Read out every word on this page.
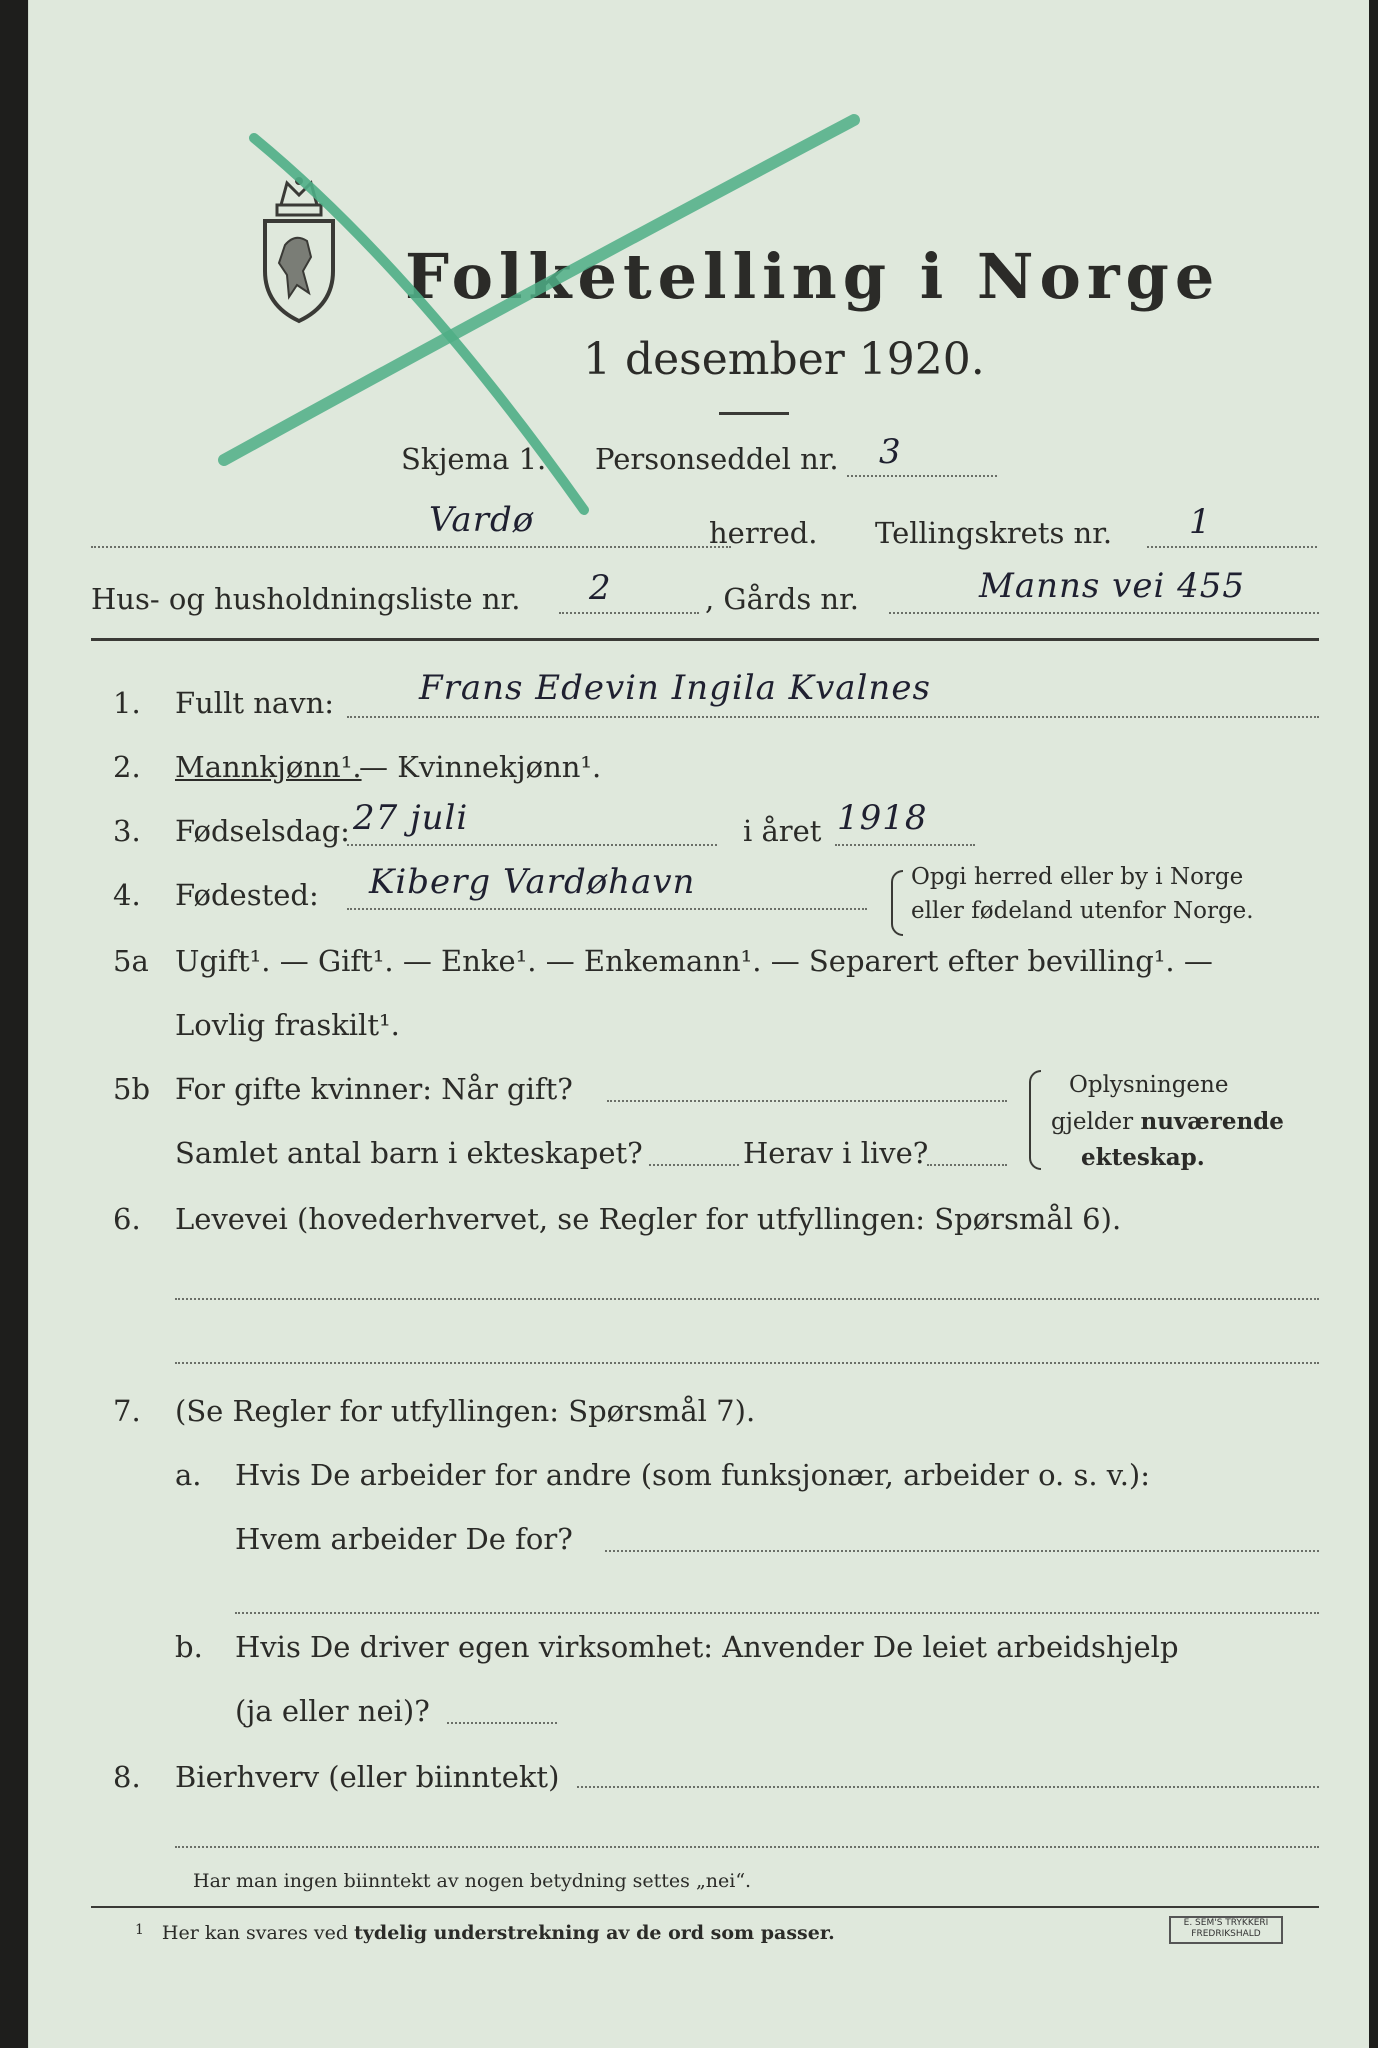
Folketelling i Norge
1 desember 1920.
Skjema 1. Personseddel nr. 3
Vardø	herred. Tellingskrets nr. 1
Hus- og husholdningsliste nr. 2	, Gårds nr.	Manns vei 455
1. Fullt navn: Frans Edevin Ingila Kvalnes
2. Mannkjønn¹.
— Kvinnekjønn¹.
3. Fødselsdag: 27 juli	i året 1918
4. Fødested: Kiberg Vardøhavn	Opgi herred eller by i Norge
eller fødeland utenfor Norge.
5a Ugift¹. — Gift¹. — Enke¹. — Enkemann¹. — Separert efter bevilling¹. —
Lovlig fraskilt¹.
5b For gifte kvinner: Når gift?
Samlet antal barn i ekteskapet?	Herav i live?
Oplysningene
gjelder nuværende
ekteskap.
6. Levevei (hovederhvervet, se Regler for utfyllingen: Spørsmål 6).
7. (Se Regler for utfyllingen: Spørsmål 7).
a. Hvis De arbeider for andre (som funksjonær, arbeider o. s. v.):
Hvem arbeider De for?
b. Hvis De driver egen virksomhet: Anvender De leiet arbeidshjelp
(ja eller nei)?
8. Bierhverv (eller biinntekt)
Har man ingen biinntekt av nogen betydning settes „nei“.
$^1$ Her kan svares ved tydelig understrekning av de ord som passer.	E. SEM'S TRYKKERI
FREDRIKSHALD
